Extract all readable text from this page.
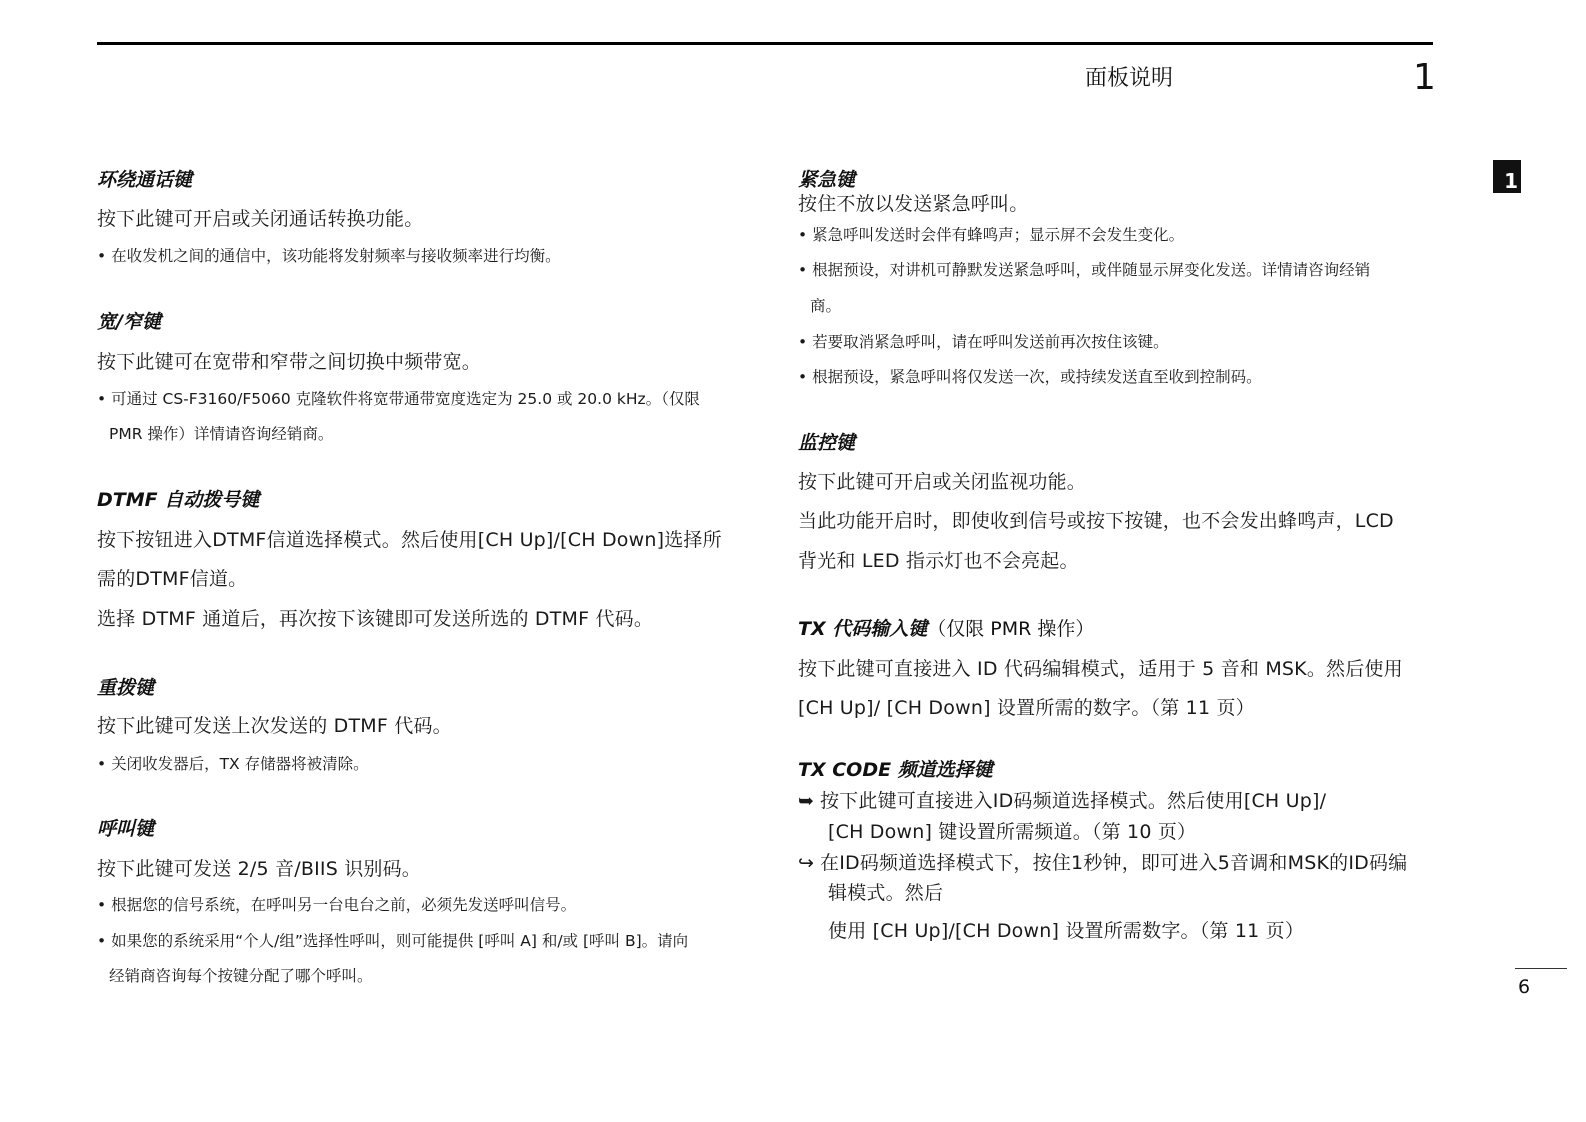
面板说明	1
1
环绕通话键
按下此键可开启或关闭通话转换功能。
• 在收发机之间的通信中，该功能将发射频率与接收频率进行均衡。
宽/窄键
按下此键可在宽带和窄带之间切换中频带宽。
• 可通过 CS-F3160/F5060 克隆软件将宽带通带宽度选定为 25.0 或 20.0 kHz。（仅限
PMR 操作）详情请咨询经销商。
DTMF 自动拨号键
按下按钮进入DTMF信道选择模式。然后使用[CH Up]/[CH Down]选择所
需的DTMF信道。
选择 DTMF 通道后，再次按下该键即可发送所选的 DTMF 代码。
重拨键
按下此键可发送上次发送的 DTMF 代码。
• 关闭收发器后，TX 存储器将被清除。
呼叫键
按下此键可发送 2/5 音/BIIS 识别码。
• 根据您的信号系统，在呼叫另一台电台之前，必须先发送呼叫信号。
• 如果您的系统采用“个人/组”选择性呼叫，则可能提供 [呼叫 A] 和/或 [呼叫 B]。请向
经销商咨询每个按键分配了哪个呼叫。
紧急键
按住不放以发送紧急呼叫。
• 紧急呼叫发送时会伴有蜂鸣声；显示屏不会发生变化。
• 根据预设，对讲机可静默发送紧急呼叫，或伴随显示屏变化发送。详情请咨询经销
商。
• 若要取消紧急呼叫，请在呼叫发送前再次按住该键。
• 根据预设，紧急呼叫将仅发送一次，或持续发送直至收到控制码。
监控键
按下此键可开启或关闭监视功能。
当此功能开启时，即使收到信号或按下按键，也不会发出蜂鸣声，LCD
背光和 LED 指示灯也不会亮起。
TX 代码输入键（仅限 PMR 操作）
按下此键可直接进入 ID 代码编辑模式，适用于 5 音和 MSK。然后使用
[CH Up]/ [CH Down] 设置所需的数字。（第 11 页）
TX CODE 频道选择键
➥ 按下此键可直接进入ID码频道选择模式。然后使用[CH Up]/
[CH Down] 键设置所需频道。（第 10 页）
↪ 在ID码频道选择模式下，按住1秒钟，即可进入5音调和MSK的ID码编
辑模式。然后
使用 [CH Up]/[CH Down] 设置所需数字。（第 11 页）
6
